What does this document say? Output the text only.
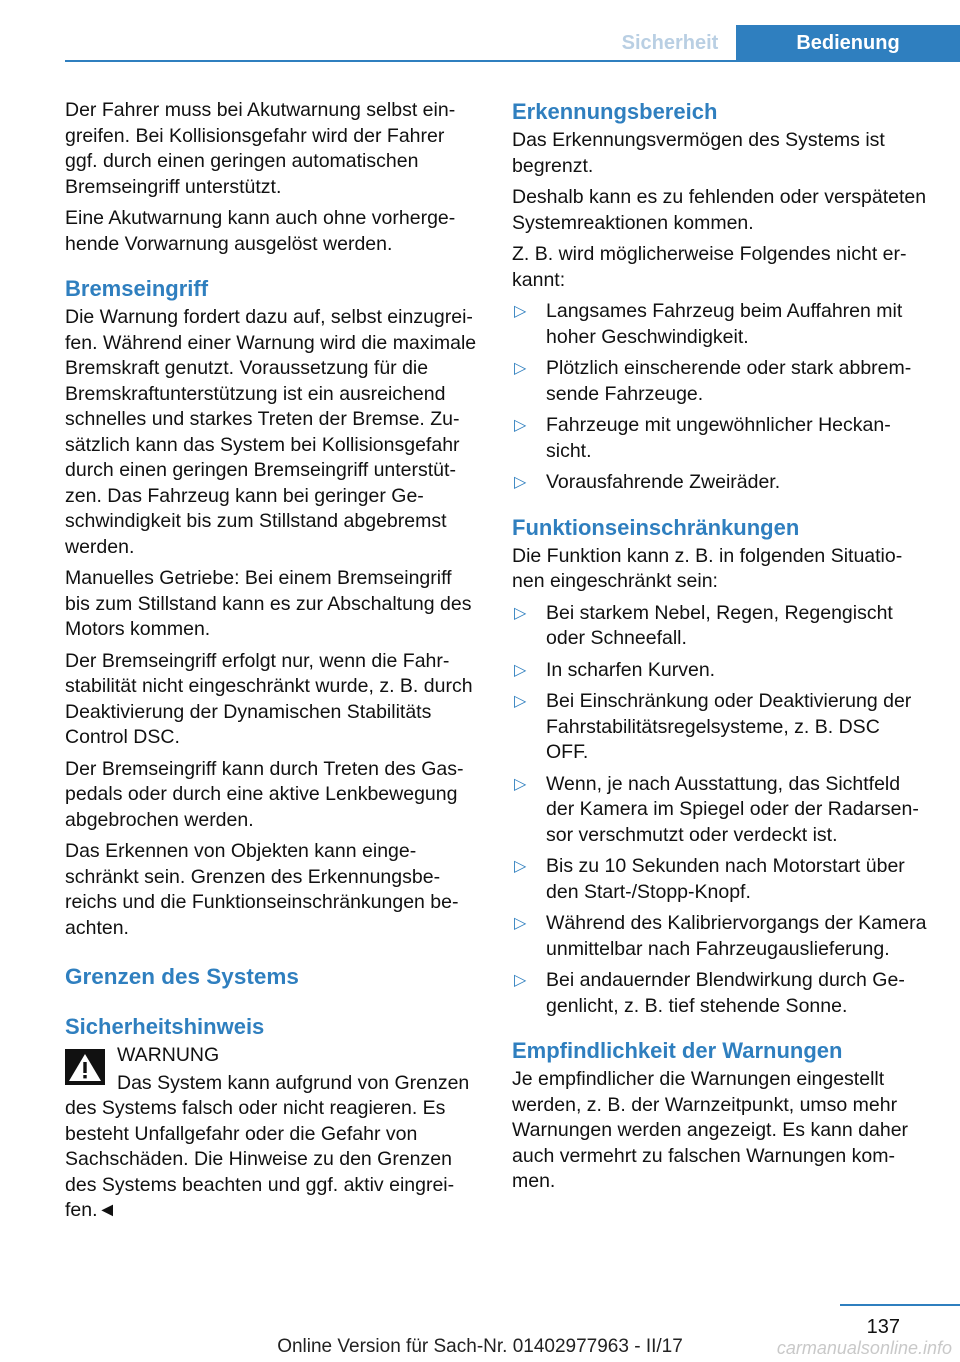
Sicherheit	Bedienung

Der Fahrer muss bei Akutwarnung selbst eingreifen. Bei Kollisionsgefahr wird der Fahrer ggf. durch einen geringen automatischen Bremseingriff unterstützt.

Eine Akutwarnung kann auch ohne vorhergehende Vorwarnung ausgelöst werden.

Bremseingriff

Die Warnung fordert dazu auf, selbst einzugreifen. Während einer Warnung wird die maximale Bremskraft genutzt. Voraussetzung für die Bremskraftunterstützung ist ein ausreichend schnelles und starkes Treten der Bremse. Zusätzlich kann das System bei Kollisionsgefahr durch einen geringen Bremseingriff unterstützen. Das Fahrzeug kann bei geringer Geschwindigkeit bis zum Stillstand abgebremst werden.

Manuelles Getriebe: Bei einem Bremseingriff bis zum Stillstand kann es zur Abschaltung des Motors kommen.

Der Bremseingriff erfolgt nur, wenn die Fahrstabilität nicht eingeschränkt wurde, z. B. durch Deaktivierung der Dynamischen Stabilitäts Control DSC.

Der Bremseingriff kann durch Treten des Gaspedals oder durch eine aktive Lenkbewegung abgebrochen werden.

Das Erkennen von Objekten kann eingeschränkt sein. Grenzen des Erkennungsbereichs und die Funktionseinschränkungen beachten.

Grenzen des Systems
Sicherheitshinweis

WARNUNG

Das System kann aufgrund von Grenzen

des Systems falsch oder nicht reagieren. Es besteht Unfallgefahr oder die Gefahr von Sachschäden. Die Hinweise zu den Grenzen des Systems beachten und ggf. aktiv eingreifen.◄

Erkennungsbereich

Das Erkennungsvermögen des Systems ist begrenzt.

Deshalb kann es zu fehlenden oder verspäteten Systemreaktionen kommen.

Z. B. wird möglicherweise Folgendes nicht erkannt:

▷ Langsames Fahrzeug beim Auffahren mit hoher Geschwindigkeit.
▷ Plötzlich einscherende oder stark abbremsende Fahrzeuge.
▷ Fahrzeuge mit ungewöhnlicher Heckansicht.
▷ Vorausfahrende Zweiräder.
Funktionseinschränkungen

Die Funktion kann z. B. in folgenden Situationen eingeschränkt sein:

▷ Bei starkem Nebel, Regen, Regengischt oder Schneefall.
▷ In scharfen Kurven.
▷ Bei Einschränkung oder Deaktivierung der Fahrstabilitätsregelsysteme, z. B. DSC OFF.
▷ Wenn, je nach Ausstattung, das Sichtfeld der Kamera im Spiegel oder der Radarsensor verschmutzt oder verdeckt ist.
▷ Bis zu 10 Sekunden nach Motorstart über den Start-/Stopp-Knopf.
▷ Während des Kalibriervorgangs der Kamera unmittelbar nach Fahrzeugauslieferung.
▷ Bei andauernder Blendwirkung durch Gegenlicht, z. B. tief stehende Sonne.
Empfindlichkeit der Warnungen

Je empfindlicher die Warnungen eingestellt werden, z. B. der Warnzeitpunkt, umso mehr Warnungen werden angezeigt. Es kann daher auch vermehrt zu falschen Warnungen kommen.

137
Online Version für Sach-Nr. 01402977963 - II/17	carmanualsonline.info
